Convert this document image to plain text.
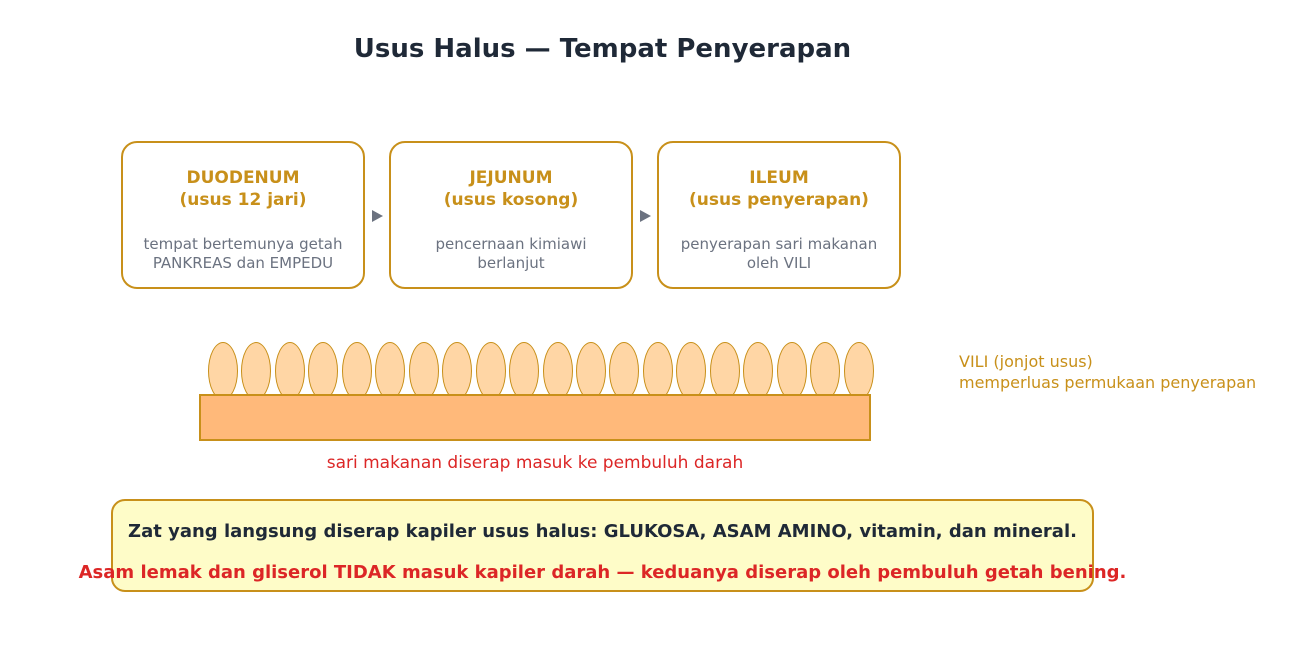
Usus Halus — Tempat Penyerapan
DUODENUM
(usus 12 jari)
tempat bertemunya getah
PANKREAS dan EMPEDU
JEJUNUM
(usus kosong)
pencernaan kimiawi
berlanjut
ILEUM
(usus penyerapan)
penyerapan sari makanan
oleh VILI
VILI (jonjot usus)
memperluas permukaan penyerapan
sari makanan diserap masuk ke pembuluh darah
Zat yang langsung diserap kapiler usus halus: GLUKOSA, ASAM AMINO, vitamin, dan mineral.
Asam lemak dan gliserol TIDAK masuk kapiler darah — keduanya diserap oleh pembuluh getah bening.
